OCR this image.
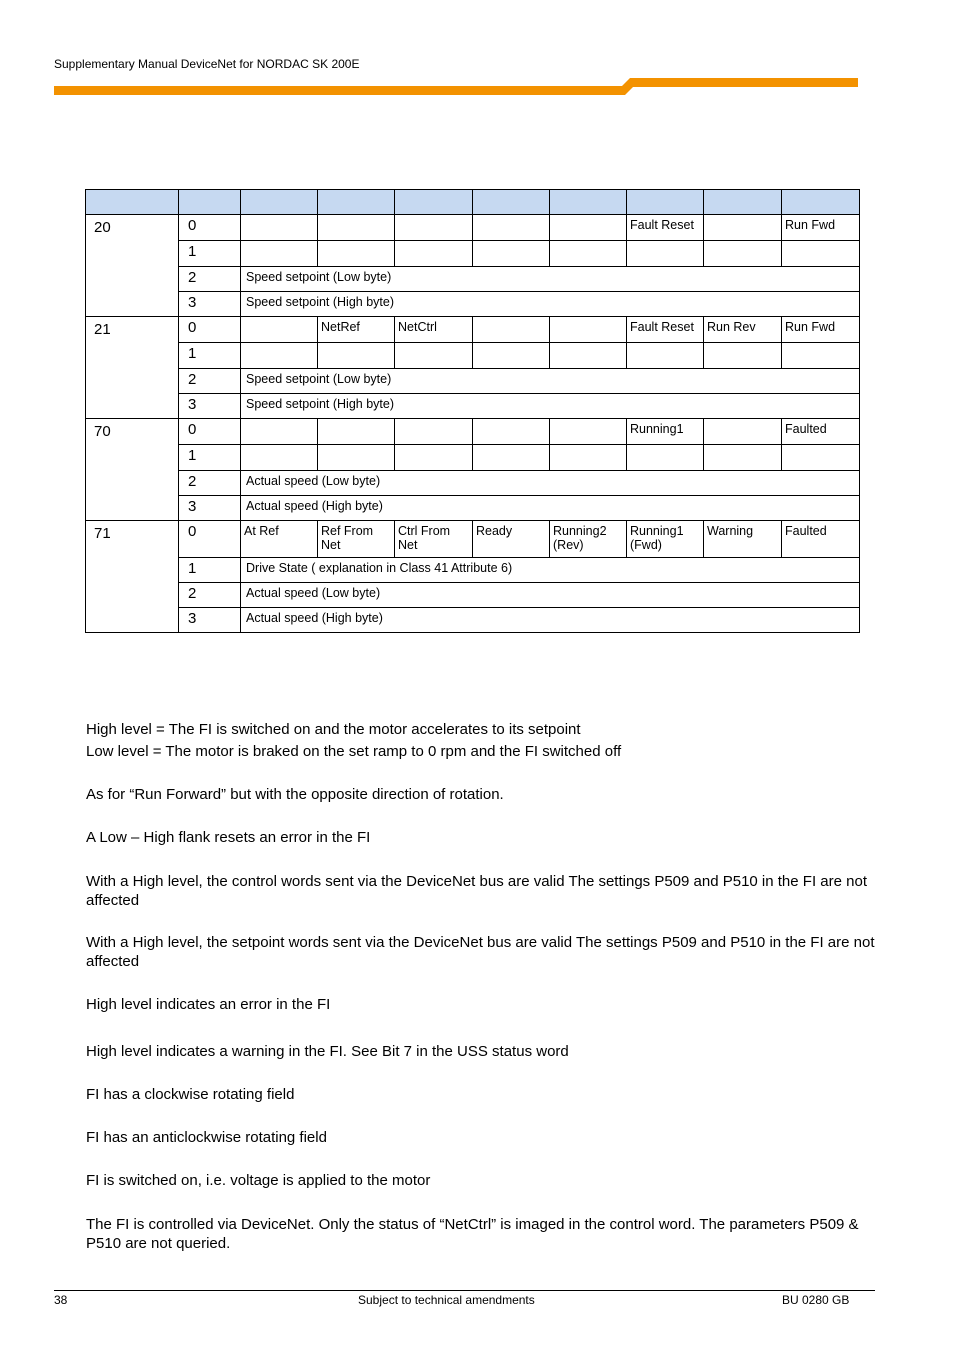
Supplementary Manual DeviceNet for NORDAC SK 200E

20	0						Fault Reset		Run Fwd
	1								
	2	Speed setpoint (Low byte)							
	3	Speed setpoint (High byte)							
21	0		NetRef	NetCtrl			Fault Reset	Run Rev	Run Fwd
	1								
	2	Speed setpoint (Low byte)							
	3	Speed setpoint (High byte)							
70	0						Running1		Faulted
	1								
	2	Actual speed (Low byte)							
	3	Actual speed (High byte)							
71	0	At Ref	Ref From Net	Ctrl From Net	Ready	Running2 (Rev)	Running1 (Fwd)	Warning	Faulted
	1	Drive State ( explanation in Class 41 Attribute 6)							
	2	Actual speed (Low byte)							
	3	Actual speed (High byte)							
High level = The FI is switched on and the motor accelerates to its setpoint
Low level = The motor is braked on the set ramp to 0 rpm and the FI switched off
As for “Run Forward” but with the opposite direction of rotation.
A Low – High flank resets an error in the FI
With a High level, the control words sent via the DeviceNet bus are valid The settings P509 and P510 in the FI are not affected
With a High level, the setpoint words sent via the DeviceNet bus are valid The settings P509 and P510 in the FI are not affected
High level indicates an error in the FI
High level indicates a warning in the FI. See Bit 7 in the USS status word
FI has a clockwise rotating field
FI has an anticlockwise rotating field
FI is switched on, i.e. voltage is applied to the motor
The FI is controlled via DeviceNet. Only the status of “NetCtrl” is imaged in the control word. The parameters P509 & P510 are not queried.
38	Subject to technical amendments	BU 0280 GB
